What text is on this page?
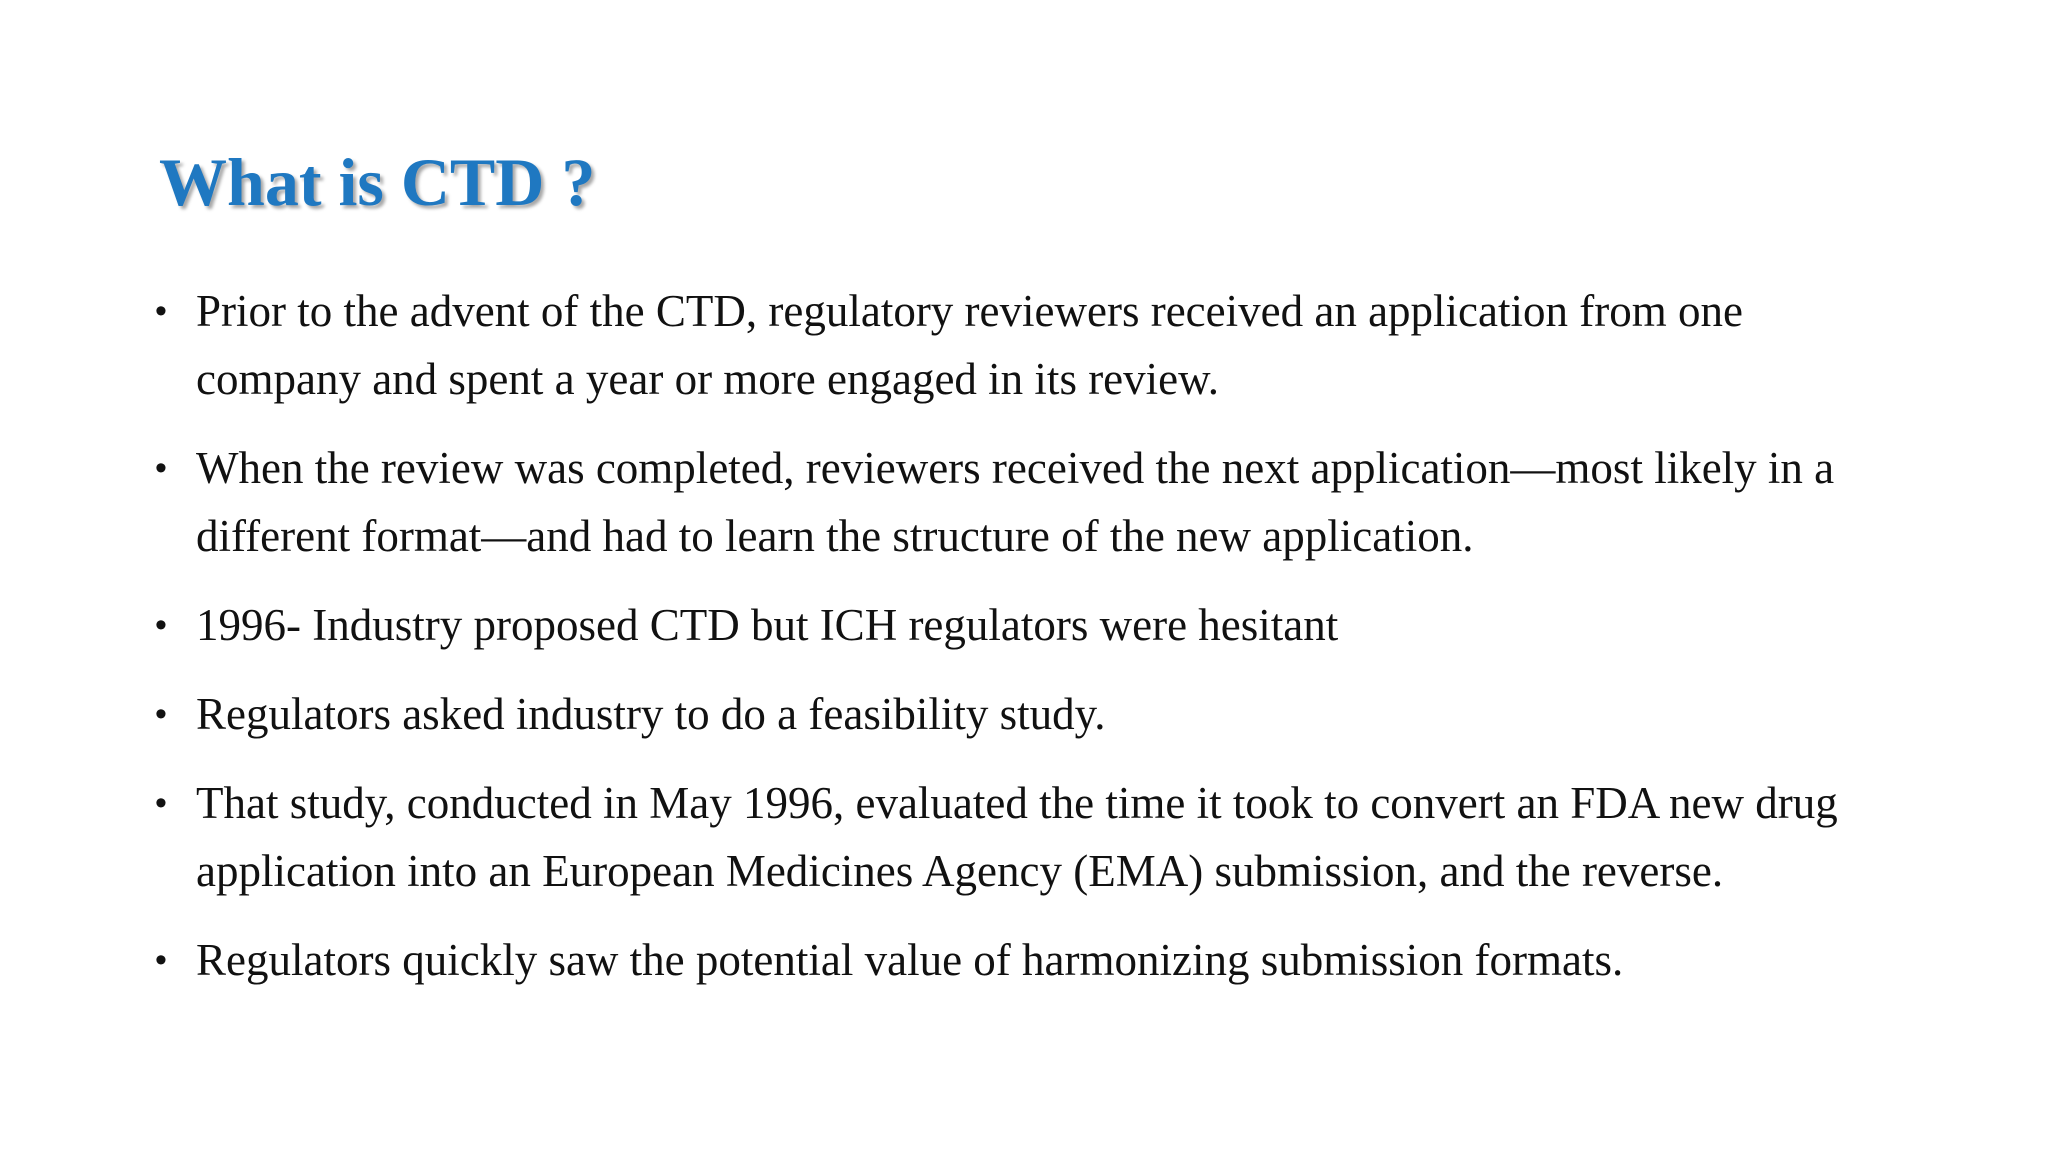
What is CTD ?
• Prior to the advent of the CTD, regulatory reviewers received an application from one company and spent a year or more engaged in its review.
• When the review was completed, reviewers received the next application—most likely in a different format—and had to learn the structure of the new application.
• 1996- Industry proposed CTD but ICH regulators were hesitant
• Regulators asked industry to do a feasibility study.
• That study, conducted in May 1996, evaluated the time it took to convert an FDA new drug application into an European Medicines Agency (EMA) submission, and the reverse.
• Regulators quickly saw the potential value of harmonizing submission formats.
